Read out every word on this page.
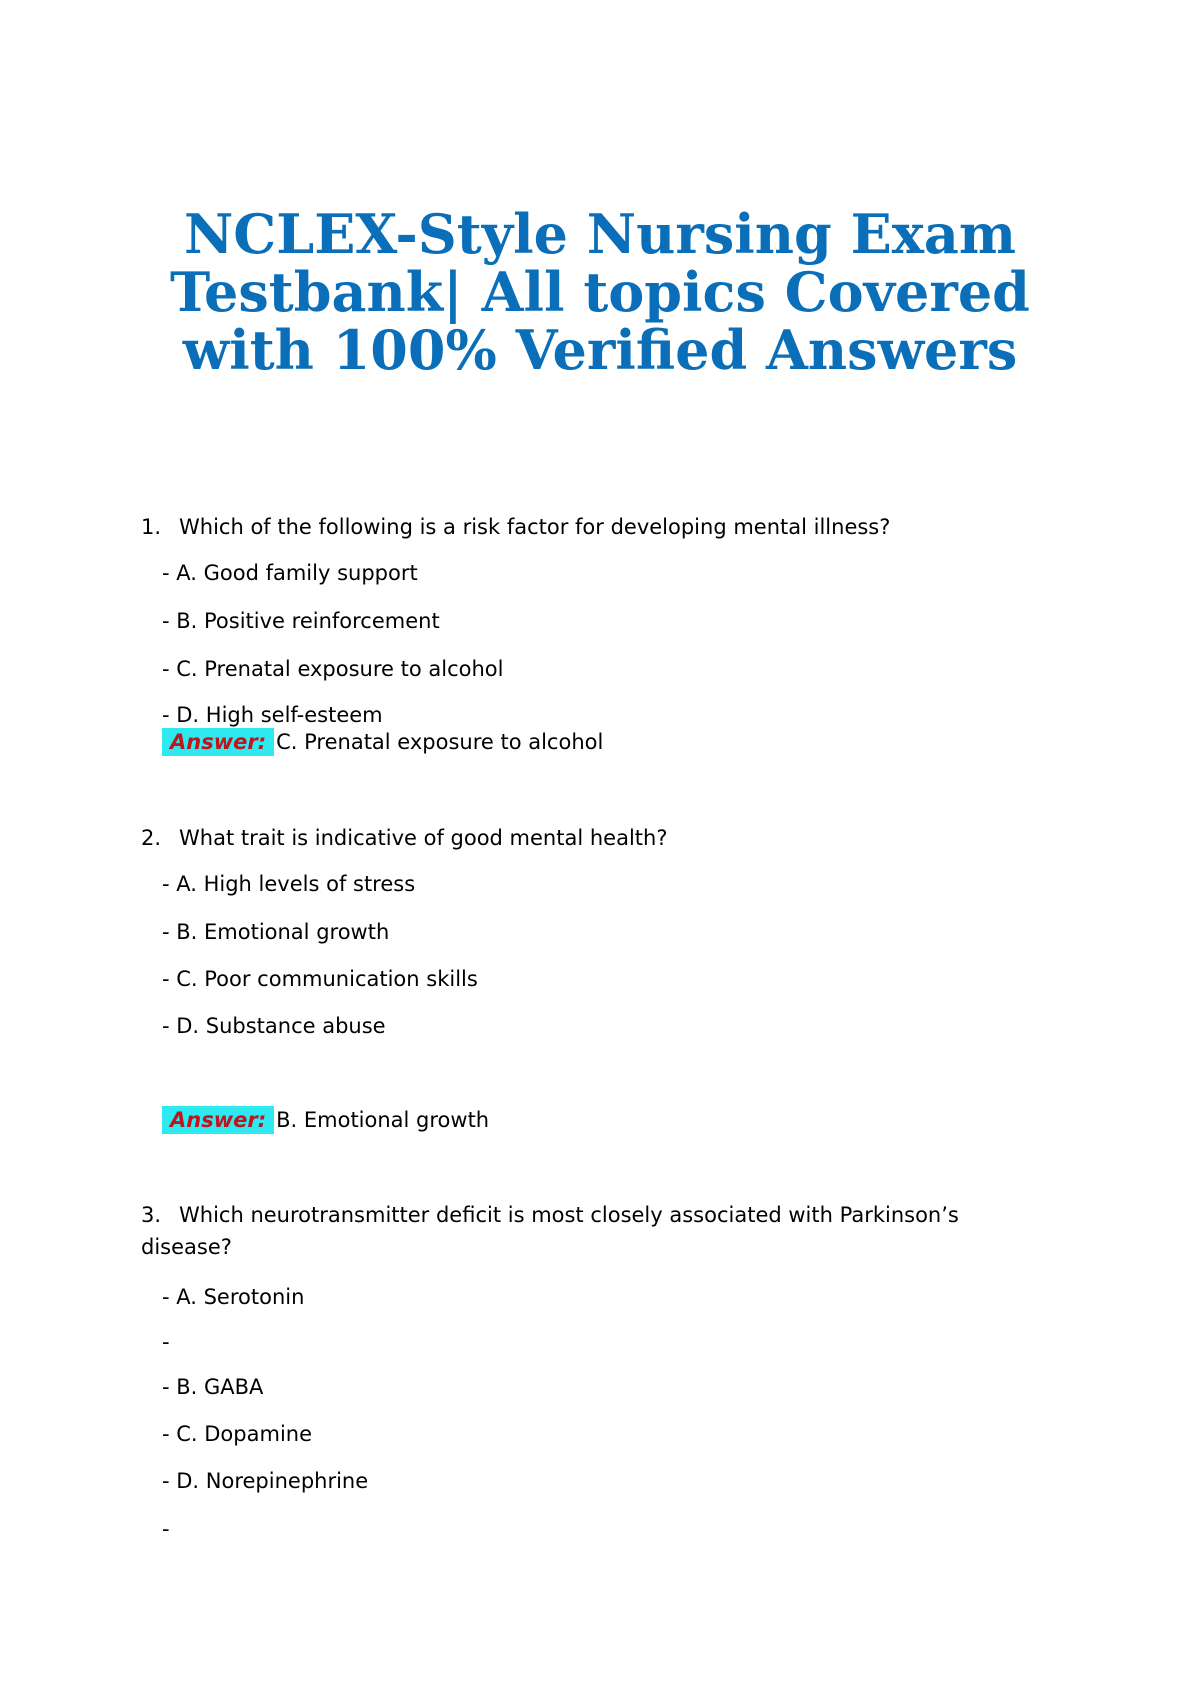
NCLEX-Style Nursing Exam
Testbank| All topics Covered
with 100% Verified Answers

1. Which of the following is a risk factor for developing mental illness?

- A. Good family support

- B. Positive reinforcement

- C. Prenatal exposure to alcohol

- D. High self-esteem

Answer: C. Prenatal exposure to alcohol

2. What trait is indicative of good mental health?

- A. High levels of stress

- B. Emotional growth

- C. Poor communication skills

- D. Substance abuse

Answer: B. Emotional growth

3. Which neurotransmitter deficit is most closely associated with Parkinson’s disease?

- A. Serotonin

-

- B. GABA

- C. Dopamine

- D. Norepinephrine

-
